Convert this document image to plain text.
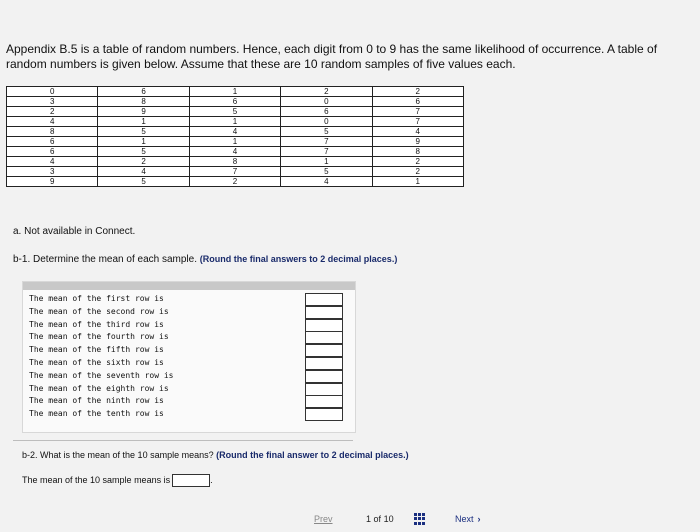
Appendix B.5 is a table of random numbers. Hence, each digit from 0 to 9 has the same likelihood of occurrence. A table of random numbers is given below. Assume that these are 10 random samples of five values each.
0	6	1	2	2
3	8	6	0	6
2	9	5	6	7
4	1	1	0	7
8	5	4	5	4
6	1	1	7	9
6	5	4	7	8
4	2	8	1	2
3	4	7	5	2
9	5	2	4	1
a. Not available in Connect.
b-1. Determine the mean of each sample. (Round the final answers to 2 decimal places.)
The mean of the first row is
The mean of the second row is
The mean of the third row is
The mean of the fourth row is
The mean of the fifth row is
The mean of the sixth row is
The mean of the seventh row is
The mean of the eighth row is
The mean of the ninth row is
The mean of the tenth row is
b-2. What is the mean of the 10 sample means? (Round the final answer to 2 decimal places.)
The mean of the 10 sample means is	.
Prev	1 of 10	Next ›
